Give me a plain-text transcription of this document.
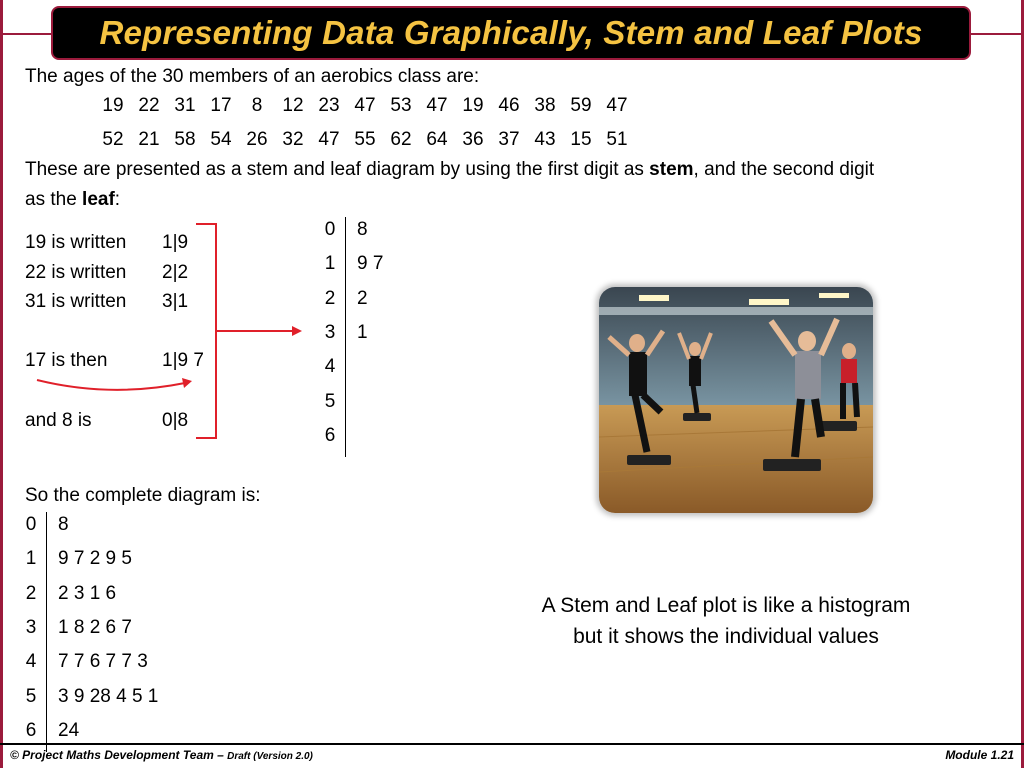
Representing Data Graphically, Stem and Leaf Plots
The ages of the 30 members of an aerobics class are:
19 22 31 17	8	12 23 47 53 47 19 46 38 59 47
52 21 58 54 26 32 47 55 62 64 36 37 43 15 51
These are presented as a stem and leaf diagram by using the first digit as stem, and the second digit
as the leaf:
19 is written 1|9
22 is written 2|2
31 is written 3|1
17 is then	1|9 7
and 8 is	0|8
0 8
1 9 7
2 2
3 1
4
5
6
So the complete diagram is:
0 8
1 9 7 2 9 5
2 2 3 1 6
3 1 8 2 6 7
4 7 7 6 7 7 3
5 3 9 28 4 5 1
6 24
A Stem and Leaf plot is like a histogram
but it shows the individual values
© Project Maths Development Team – Draft (Version 2.0)	Module 1.21
